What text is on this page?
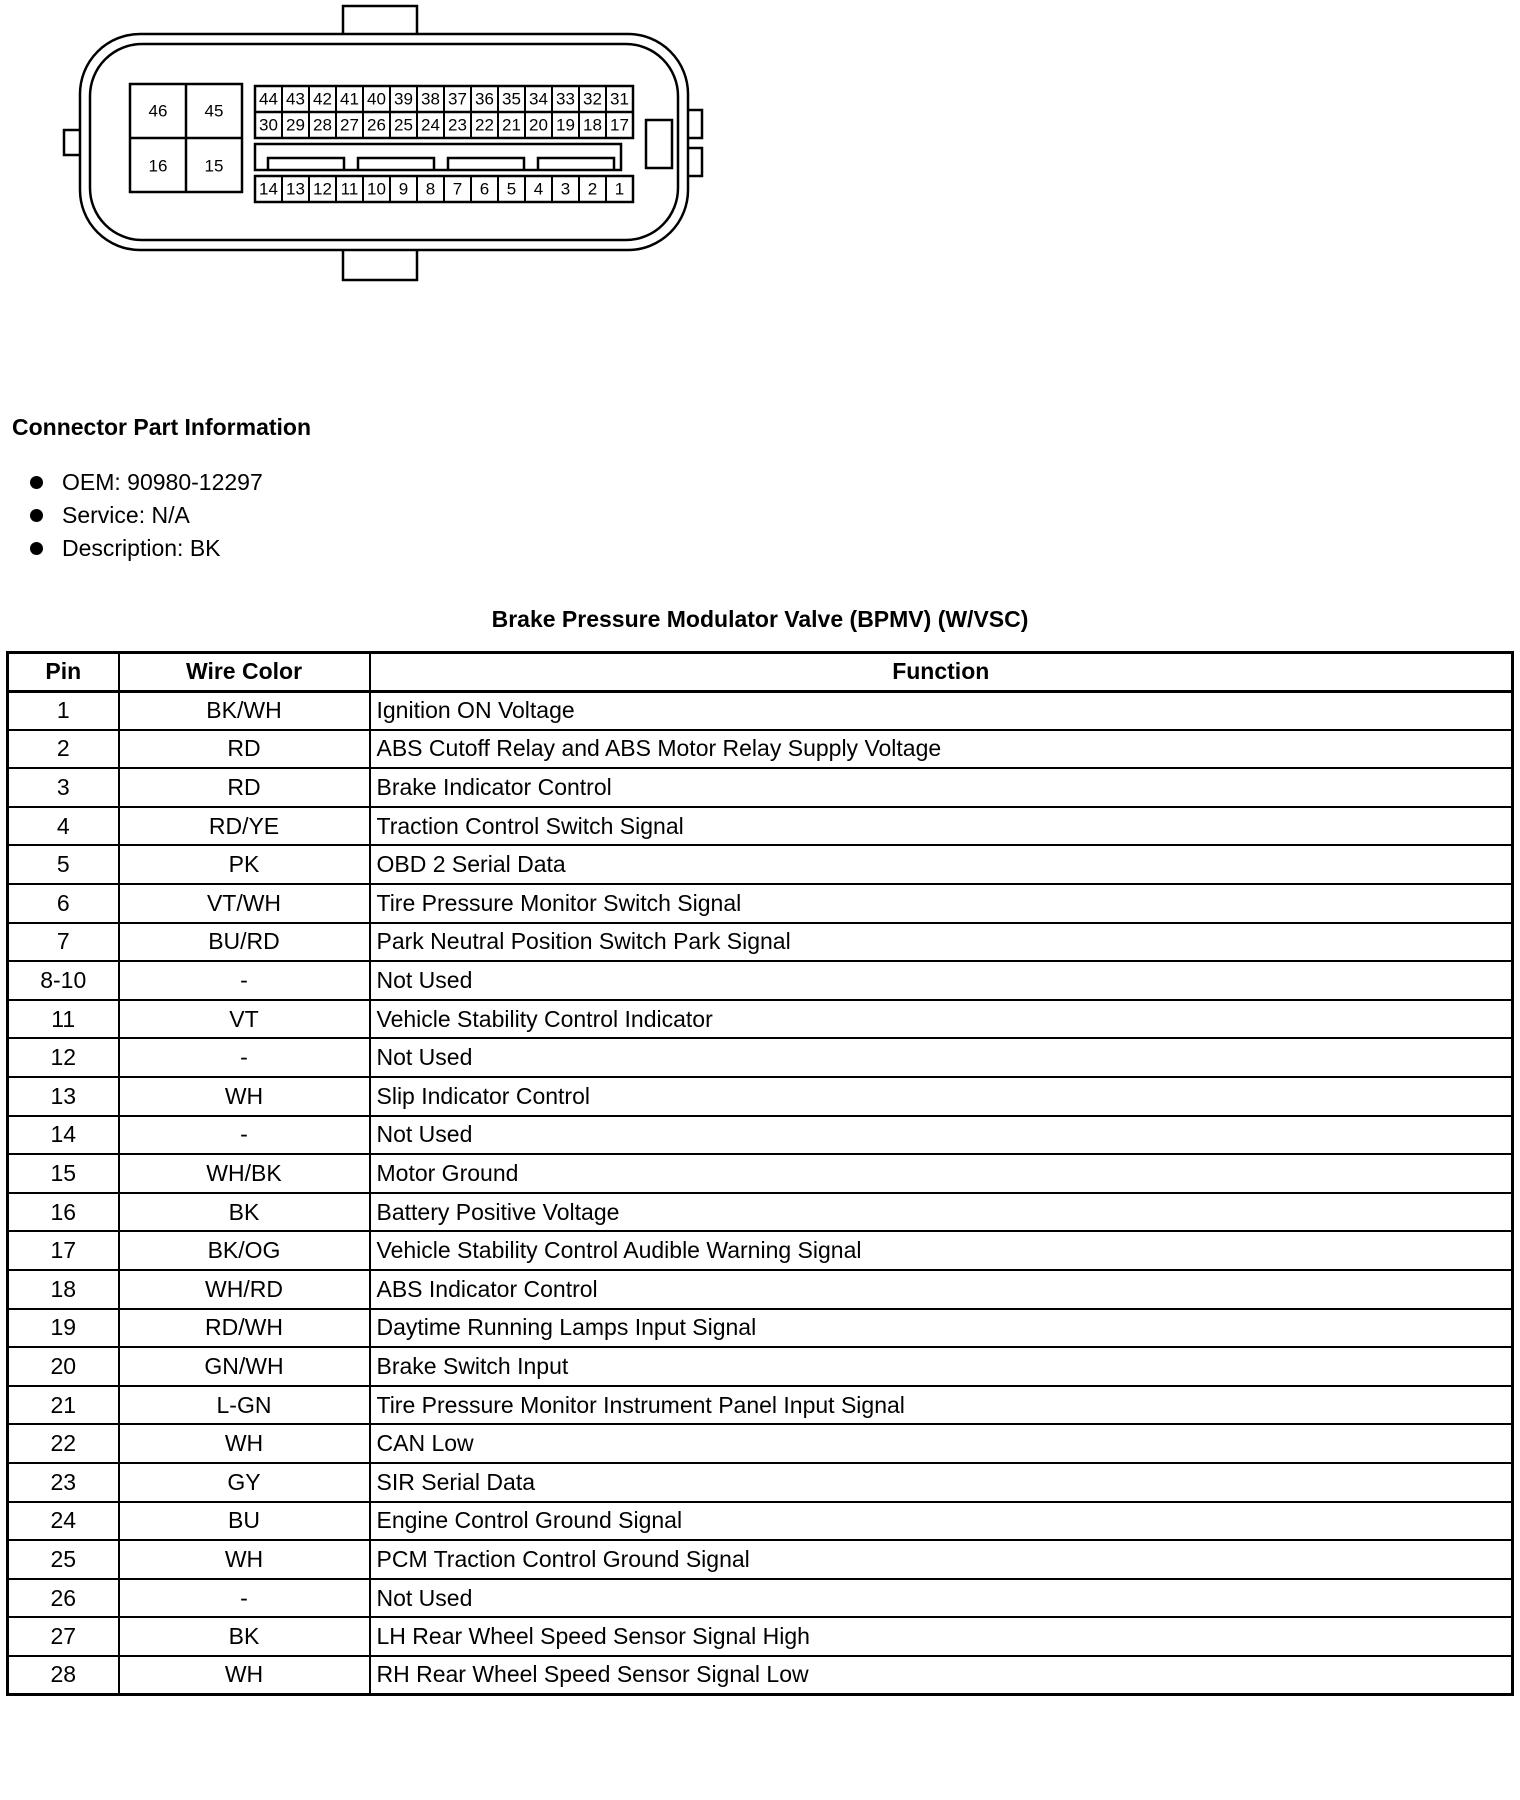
46 45
16 15
44
30
14
43
29
13
42
28
12
41
27
11
40
26
10
39
25
9
38
24
8
37
23
7
36
22
6
35
21
5
34
20
4
33
19
3
32
18
2
31
17
1
Connector Part Information
OEM: 90980-12297
Service: N/A
Description: BK
Brake Pressure Modulator Valve (BPMV) (W/VSC)
Pin	Wire Color	Function
1	BK/WH	Ignition ON Voltage
2	RD	ABS Cutoff Relay and ABS Motor Relay Supply Voltage
3	RD	Brake Indicator Control
4	RD/YE	Traction Control Switch Signal
5	PK	OBD 2 Serial Data
6	VT/WH	Tire Pressure Monitor Switch Signal
7	BU/RD	Park Neutral Position Switch Park Signal
8-10	-	Not Used
11	VT	Vehicle Stability Control Indicator
12	-	Not Used
13	WH	Slip Indicator Control
14	-	Not Used
15	WH/BK	Motor Ground
16	BK	Battery Positive Voltage
17	BK/OG	Vehicle Stability Control Audible Warning Signal
18	WH/RD	ABS Indicator Control
19	RD/WH	Daytime Running Lamps Input Signal
20	GN/WH	Brake Switch Input
21	L-GN	Tire Pressure Monitor Instrument Panel Input Signal
22	WH	CAN Low
23	GY	SIR Serial Data
24	BU	Engine Control Ground Signal
25	WH	PCM Traction Control Ground Signal
26	-	Not Used
27	BK	LH Rear Wheel Speed Sensor Signal High
28	WH	RH Rear Wheel Speed Sensor Signal Low
